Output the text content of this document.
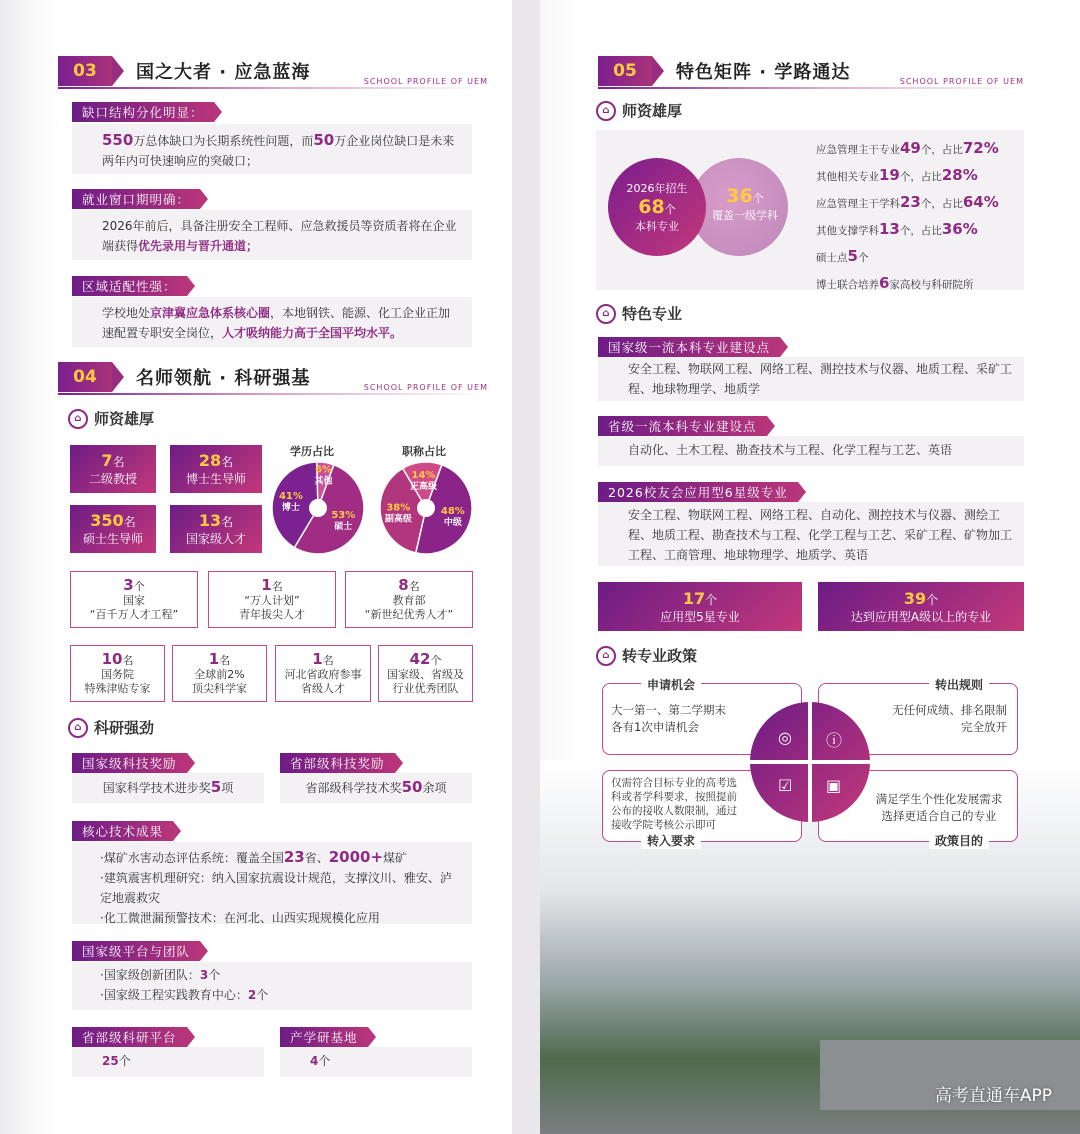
03	国之大者 · 应急蓝海	SCHOOL PROFILE OF UEM
缺口结构分化明显：
550万总体缺口为长期系统性问题，而50万企业岗位缺口是未来两年内可快速响应的突破口；
就业窗口期明确：
2026年前后，具备注册安全工程师、应急救援员等资质者将在企业端获得优先录用与晋升通道；
区域适配性强：
学校地处京津冀应急体系核心圈，本地钢铁、能源、化工企业正加速配置专职安全岗位，人才吸纳能力高于全国平均水平。
04	名师领航 · 科研强基	SCHOOL PROFILE OF UEM
⌂ 师资雄厚
7名
二级教授
28名
博士生导师
350名
硕士生导师
13名
国家级人才
学历占比
53%
硕士
41%
博士
6%
其他
职称占比
48%
中级
38%
副高级
14%
正高级
3个
国家
“百千万人才工程”
1名
“万人计划”
青年拔尖人才
8名
教育部
“新世纪优秀人才”
10名
国务院
特殊津贴专家
1名
全球前2%
顶尖科学家
1名
河北省政府参事
省级人才
42个
国家级、省级及
行业优秀团队
⌂ 科研强劲
国家级科技奖励
国家科学技术进步奖5项
省部级科技奖励
省部级科学技术奖50余项
核心技术成果
·煤矿水害动态评估系统：覆盖全国23省、2000+煤矿
·建筑震害机理研究：纳入国家抗震设计规范，支撑汶川、雅安、泸定地震救灾
·化工微泄漏预警技术：在河北、山西实现规模化应用
国家级平台与团队
·国家级创新团队：3个
·国家级工程实践教育中心：2个
省部级科研平台
25个
产学研基地
4个
05	特色矩阵 · 学路通达	SCHOOL PROFILE OF UEM
⌂ 师资雄厚
2026年招生
68个
本科专业
36个
覆盖一级学科
应急管理主干专业49个，占比72%
其他相关专业19个，占比28%
应急管理主干学科23个，占比64%
其他支撑学科13个，占比36%
硕士点5个
博士联合培养6家高校与科研院所
⌂ 特色专业
国家级一流本科专业建设点
安全工程、物联网工程、网络工程、测控技术与仪器、地质工程、采矿工程、地球物理学、地质学
省级一流本科专业建设点
自动化、土木工程、勘查技术与工程、化学工程与工艺、英语
2026校友会应用型6星级专业
安全工程、物联网工程、网络工程、自动化、测控技术与仪器、测绘工程、地质工程、勘查技术与工程、化学工程与工艺、采矿工程、矿物加工工程、工商管理、地球物理学、地质学、英语
17个
应用型5星专业
39个
达到应用型A级以上的专业
⌂ 转专业政策
申请机会
大一第一、第二学期末各有1次申请机会
转出规则
无任何成绩、排名限制完全放开
仅需符合目标专业的高考选科或者学科要求，按照提前公布的接收人数限制，通过接收学院考核公示即可
转入要求
满足学生个性化发展需求选择更适合自己的专业
政策目的
◎ ⓘ
☑ ▣
高考直通车APP
